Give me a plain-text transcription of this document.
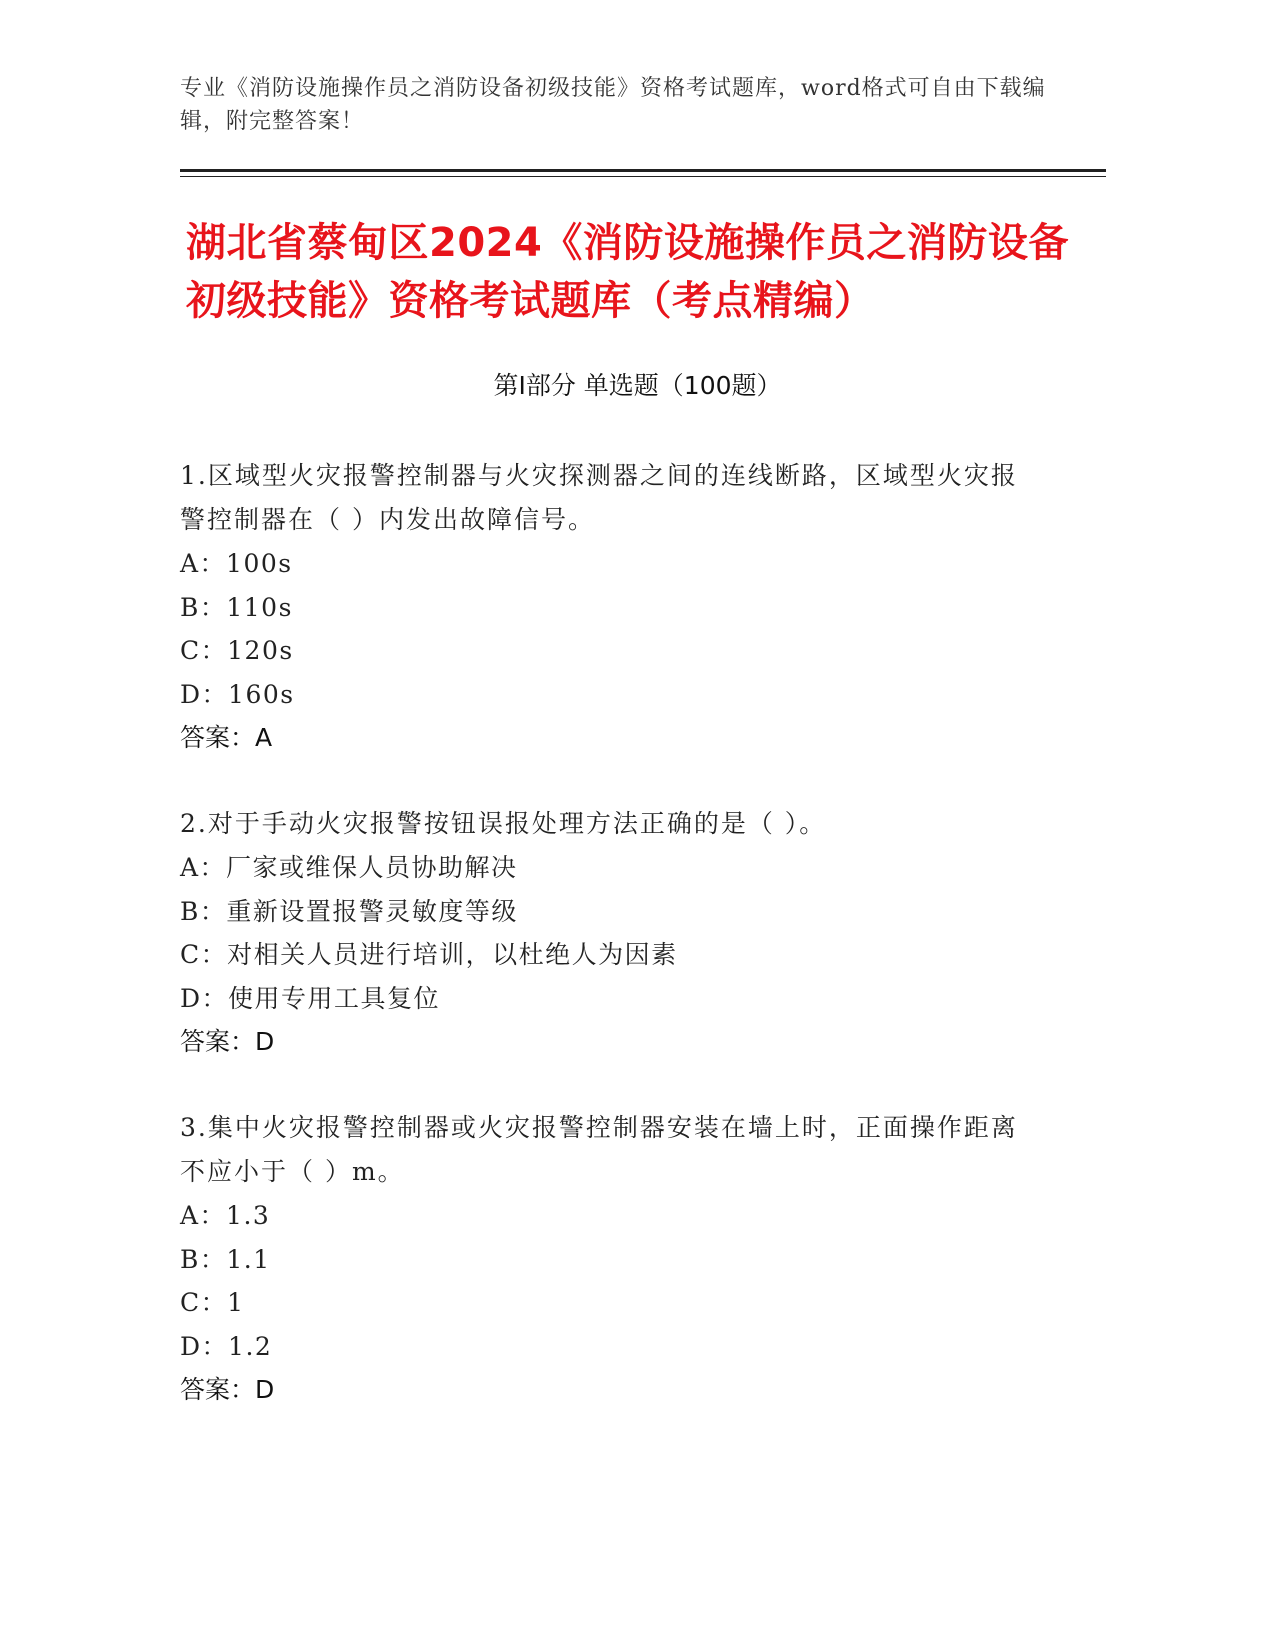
专业《消防设施操作员之消防设备初级技能》资格考试题库，word格式可自由下载编辑，附完整答案！
湖北省蔡甸区2024《消防设施操作员之消防设备初级技能》资格考试题库（考点精编）
第Ⅰ部分 单选题（100题）

1.区域型火灾报警控制器与火灾探测器之间的连线断路，区域型火灾报警控制器在（ ）内发出故障信号。

A：100s

B：110s

C：120s

D：160s

答案：A

2.对于手动火灾报警按钮误报处理方法正确的是（ ）。

A：厂家或维保人员协助解决

B：重新设置报警灵敏度等级

C：对相关人员进行培训，以杜绝人为因素

D：使用专用工具复位

答案：D

3.集中火灾报警控制器或火灾报警控制器安装在墙上时，正面操作距离不应小于（ ）m。

A：1.3

B：1.1

C：1

D：1.2

答案：D
